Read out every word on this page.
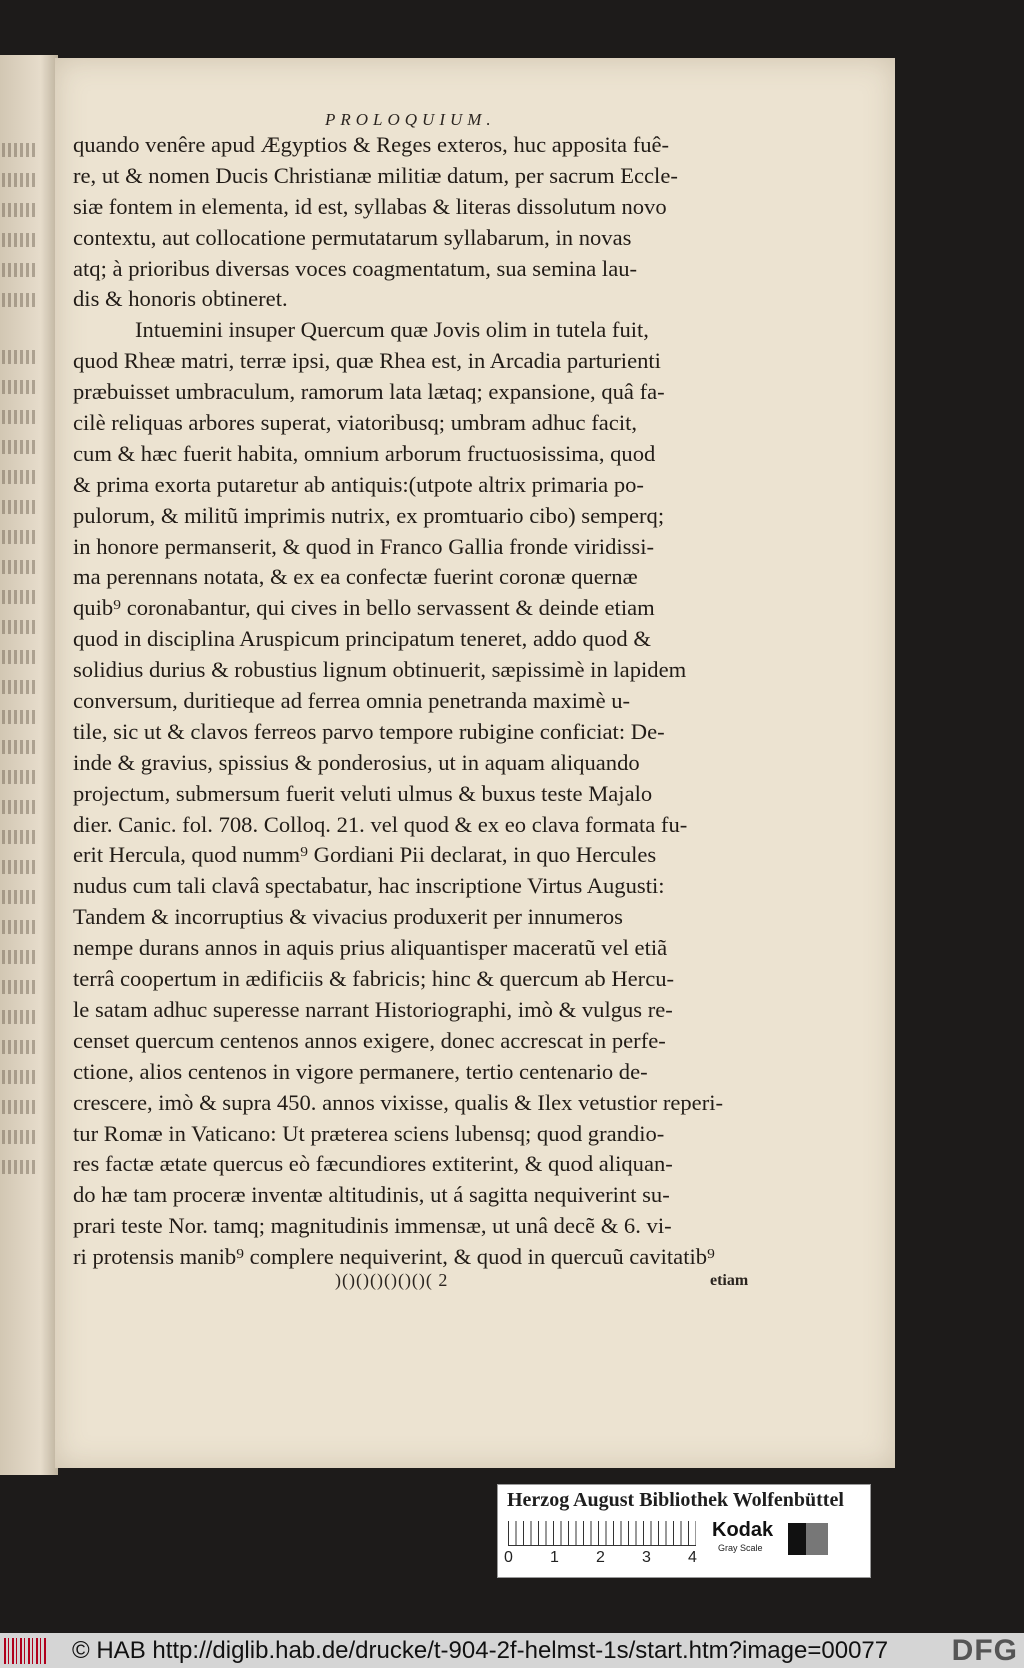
PROLOQUIUM.
quando venêre apud Ægyptios & Reges exteros, huc apposita fuê-
re, ut & nomen Ducis Christianæ militiæ datum, per sacrum Eccle-
siæ fontem in elementa, id est, syllabas & literas dissolutum novo
contextu, aut collocatione permutatarum syllabarum, in novas
atq; à prioribus diversas voces coagmentatum, sua semina lau-
dis & honoris obtineret.
Intuemini insuper Quercum quæ Jovis olim in tutela fuit,
quod Rheæ matri, terræ ipsi, quæ Rhea est, in Arcadia parturienti
præbuisset umbraculum, ramorum lata lætaq; expansione, quâ fa-
cilè reliquas arbores superat, viatoribusq; umbram adhuc facit,
cum & hæc fuerit habita, omnium arborum fructuosissima, quod
& prima exorta putaretur ab antiquis:(utpote altrix primaria po-
pulorum, & militũ imprimis nutrix, ex promtuario cibo) semperq;
in honore permanserit, & quod in Franco Gallia fronde viridissi-
ma perennans notata, & ex ea confectæ fuerint coronæ quernæ
quib⁹ coronabantur, qui cives in bello servassent & deinde etiam
quod in disciplina Aruspicum principatum teneret, addo quod &
solidius durius & robustius lignum obtinuerit, sæpissimè in lapidem
conversum, duritieque ad ferrea omnia penetranda maximè u-
tile, sic ut & clavos ferreos parvo tempore rubigine conficiat: De-
inde & gravius, spissius & ponderosius, ut in aquam aliquando
projectum, submersum fuerit veluti ulmus & buxus teste Majalo
dier. Canic. fol. 708. Colloq. 21. vel quod & ex eo clava formata fu-
erit Hercula, quod numm⁹ Gordiani Pii declarat, in quo Hercules
nudus cum tali clavâ spectabatur, hac inscriptione Virtus Augusti:
Tandem & incorruptius & vivacius produxerit per innumeros
nempe durans annos in aquis prius aliquantisper maceratũ vel etiã
terrâ coopertum in ædificiis & fabricis; hinc & quercum ab Hercu-
le satam adhuc superesse narrant Historiographi, imò & vulgus re-
censet quercum centenos annos exigere, donec accrescat in perfe-
ctione, alios centenos in vigore permanere, tertio centenario de-
crescere, imò & supra 450. annos vixisse, qualis & Ilex vetustior reperi-
tur Romæ in Vaticano: Ut præterea sciens lubensq; quod grandio-
res factæ ætate quercus eò fæcundiores extiterint, & quod aliquan-
do hæ tam proceræ inventæ altitudinis, ut á sagitta nequiverint su-
prari teste Nor. tamq; magnitudinis immensæ, ut unâ decẽ & 6. vi-
ri protensis manib⁹ complere nequiverint, & quod in quercuũ cavitatib⁹
)()()()()()()( 2	etiam
Herzog August Bibliothek Wolfenbüttel
0 1 2 3 4
Kodak
Gray Scale
© HAB http://diglib.hab.de/drucke/t-904-2f-helmst-1s/start.htm?image=00077 DFG
